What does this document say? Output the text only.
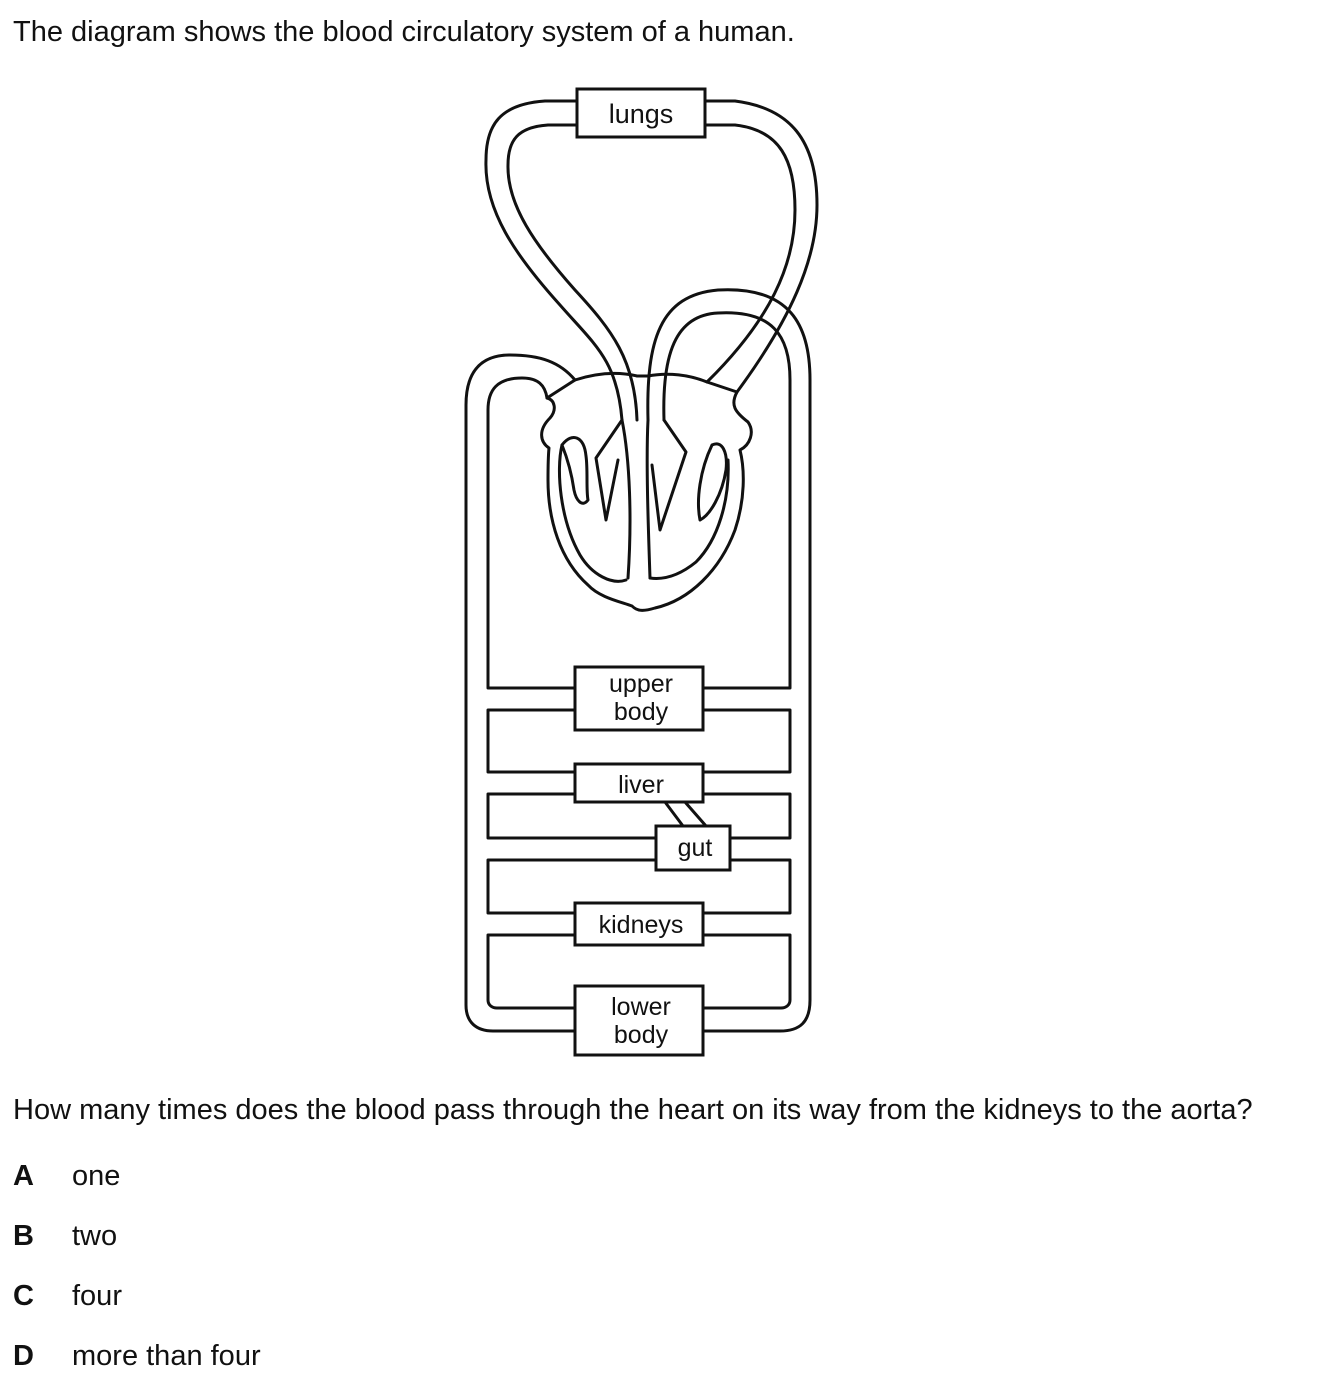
The diagram shows the blood circulatory system of a human.

lungs
upper
body
liver
gut
kidneys
lower
body

How many times does the blood pass through the heart on its way from the kidneys to the aorta?

A	one
B	two
C	four
D	more than four
